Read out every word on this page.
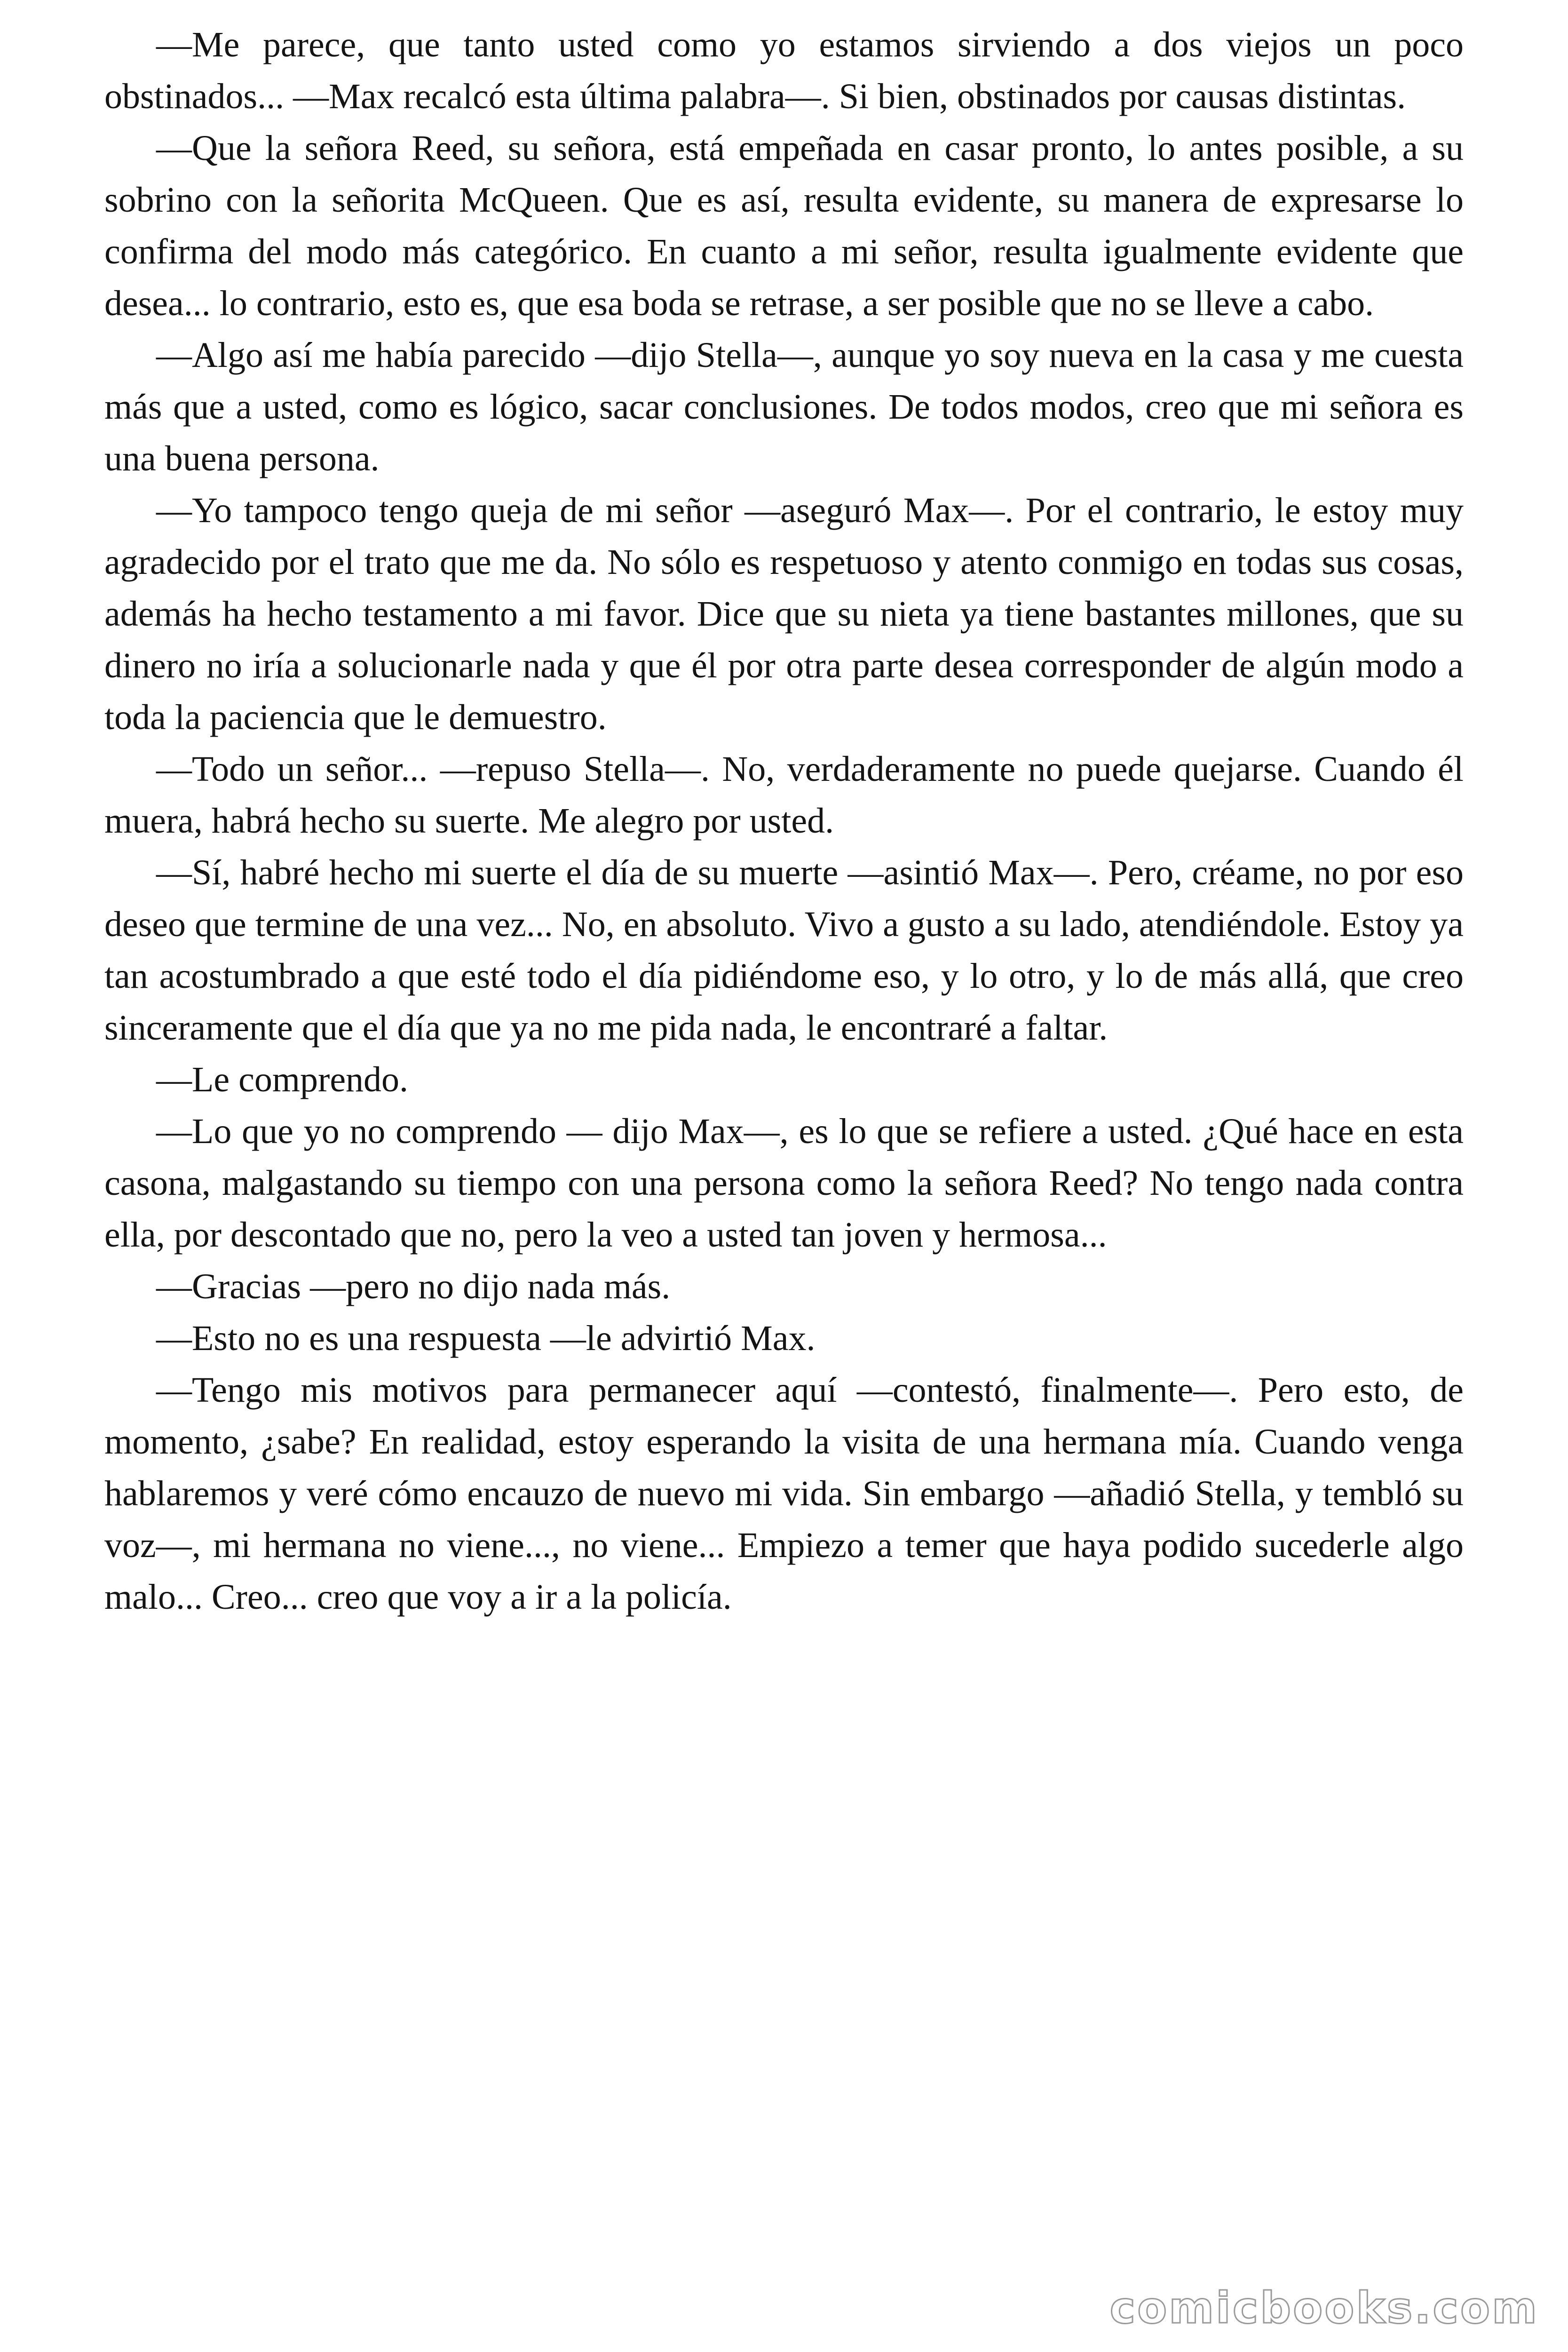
—Me parece, que tanto usted como yo estamos sirviendo a dos viejos un poco obstinados... —Max recalcó esta última palabra—. Si bien, obstinados por causas distintas.

—Que la señora Reed, su señora, está empeñada en casar pronto, lo antes posible, a su sobrino con la señorita McQueen. Que es así, resulta evidente, su manera de expresarse lo confirma del modo más categórico. En cuanto a mi señor, resulta igualmente evidente que desea... lo contrario, esto es, que esa boda se retrase, a ser posible que no se lleve a cabo.

—Algo así me había parecido —dijo Stella—, aunque yo soy nueva en la casa y me cuesta más que a usted, como es lógico, sacar conclusiones. De todos modos, creo que mi señora es una buena persona.

—Yo tampoco tengo queja de mi señor —aseguró Max—. Por el contrario, le estoy muy agradecido por el trato que me da. No sólo es respetuoso y atento conmigo en todas sus cosas, además ha hecho testamento a mi favor. Dice que su nieta ya tiene bastantes millones, que su dinero no iría a solucionarle nada y que él por otra parte desea corresponder de algún modo a toda la paciencia que le demuestro.

—Todo un señor... —repuso Stella—. No, verdaderamente no puede quejarse. Cuando él muera, habrá hecho su suerte. Me alegro por usted.

—Sí, habré hecho mi suerte el día de su muerte —asintió Max—. Pero, créame, no por eso deseo que termine de una vez... No, en absoluto. Vivo a gusto a su lado, atendiéndole. Estoy ya tan acostumbrado a que esté todo el día pidiéndome eso, y lo otro, y lo de más allá, que creo sinceramente que el día que ya no me pida nada, le encontraré a faltar.

—Le comprendo.

—Lo que yo no comprendo — dijo Max—, es lo que se refiere a usted. ¿Qué hace en esta casona, malgastando su tiempo con una persona como la señora Reed? No tengo nada contra ella, por descontado que no, pero la veo a usted tan joven y hermosa...

—Gracias —pero no dijo nada más.

—Esto no es una respuesta —le advirtió Max.

—Tengo mis motivos para permanecer aquí —contestó, finalmente—. Pero esto, de momento, ¿sabe? En realidad, estoy esperando la visita de una hermana mía. Cuando venga hablaremos y veré cómo encauzo de nuevo mi vida. Sin embargo —añadió Stella, y tembló su voz—, mi hermana no viene..., no viene... Empiezo a temer que haya podido sucederle algo malo... Creo... creo que voy a ir a la policía.

comicbooks.com
